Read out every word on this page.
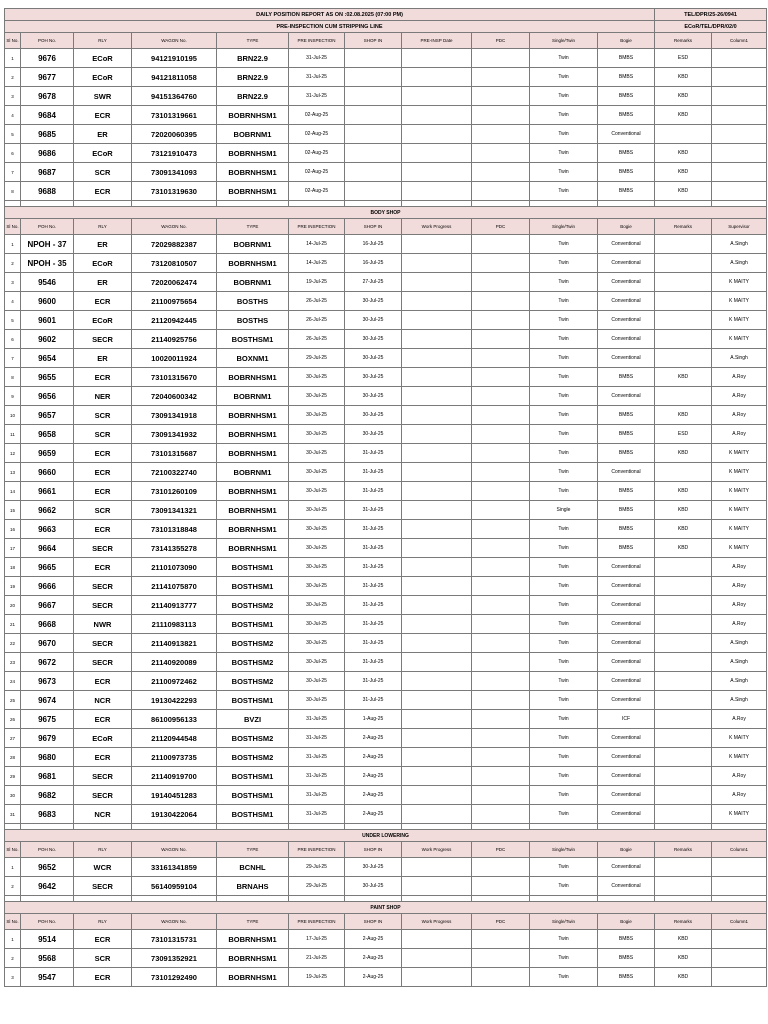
DAILY POSITION REPORT AS ON :02.08.2025 (07:00 PM)											TEL/DPR/25-26/0941	
PRE-INSPECTION CUM STRIPPING LINE											ECoR/TEL/DPR/02/0	
Sl No.	POH No.	RLY	WAGON No.	TYPE	PRE INSPECTION	SHOP IN	PRE-INSP Date	PDC	Single/Twin	Bogie	Remarks	Column1
1	9676	ECoR	94121910195	BRN22.9	31-Jul-25				Twin	BMBS	ESD	
2	9677	ECoR	94121811058	BRN22.9	31-Jul-25				Twin	BMBS	KBD	
3	9678	SWR	94151364760	BRN22.9	31-Jul-25				Twin	BMBS	KBD	
4	9684	ECR	73101319661	BOBRNHSM1	02-Aug-25				Twin	BMBS	KBD	
5	9685	ER	72020060395	BOBRNM1	02-Aug-25				Twin	Conventional		
6	9686	ECoR	73121910473	BOBRNHSM1	02-Aug-25				Twin	BMBS	KBD	
7	9687	SCR	73091341093	BOBRNHSM1	02-Aug-25				Twin	BMBS	KBD	
8	9688	ECR	73101319630	BOBRNHSM1	02-Aug-25				Twin	BMBS	KBD	

BODY SHOP												
Sl No.	POH No.	RLY	WAGON No.	TYPE	PRE INSPECTION	SHOP IN	Work Progress	PDC	Single/Twin	Bogie	Remarks	Supervisor
1	NPOH - 37	ER	72029882387	BOBRNM1	14-Jul-25	16-Jul-25			Twin	Conventional		A.Singh
2	NPOH - 35	ECoR	73120810507	BOBRNHSM1	14-Jul-25	16-Jul-25			Twin	Conventional		A.Singh
3	9546	ER	72020062474	BOBRNM1	19-Jul-25	27-Jul-25			Twin	Conventional		K MAITY
4	9600	ECR	21100975654	BOSTHS	26-Jul-25	30-Jul-25			Twin	Conventional		K MAITY
5	9601	ECoR	21120942445	BOSTHS	26-Jul-25	30-Jul-25			Twin	Conventional		K MAITY
6	9602	SECR	21140925756	BOSTHSM1	26-Jul-25	30-Jul-25			Twin	Conventional		K MAITY
7	9654	ER	10020011924	BOXNM1	29-Jul-25	30-Jul-25			Twin	Conventional		A.Singh
8	9655	ECR	73101315670	BOBRNHSM1	30-Jul-25	30-Jul-25			Twin	BMBS	KBD	A.Roy
9	9656	NER	72040600342	BOBRNM1	30-Jul-25	30-Jul-25			Twin	Conventional		A.Roy
10	9657	SCR	73091341918	BOBRNHSM1	30-Jul-25	30-Jul-25			Twin	BMBS	KBD	A.Roy
11	9658	SCR	73091341932	BOBRNHSM1	30-Jul-25	30-Jul-25			Twin	BMBS	ESD	A.Roy
12	9659	ECR	73101315687	BOBRNHSM1	30-Jul-25	31-Jul-25			Twin	BMBS	KBD	K MAITY
13	9660	ECR	72100322740	BOBRNM1	30-Jul-25	31-Jul-25			Twin	Conventional		K MAITY
14	9661	ECR	73101260109	BOBRNHSM1	30-Jul-25	31-Jul-25			Twin	BMBS	KBD	K MAITY
15	9662	SCR	73091341321	BOBRNHSM1	30-Jul-25	31-Jul-25			Single	BMBS	KBD	K MAITY
16	9663	ECR	73101318848	BOBRNHSM1	30-Jul-25	31-Jul-25			Twin	BMBS	KBD	K MAITY
17	9664	SECR	73141355278	BOBRNHSM1	30-Jul-25	31-Jul-25			Twin	BMBS	KBD	K MAITY
18	9665	ECR	21101073090	BOSTHSM1	30-Jul-25	31-Jul-25			Twin	Conventional		A.Roy
19	9666	SECR	21141075870	BOSTHSM1	30-Jul-25	31-Jul-25			Twin	Conventional		A.Roy
20	9667	SECR	21140913777	BOSTHSM2	30-Jul-25	31-Jul-25			Twin	Conventional		A.Roy
21	9668	NWR	21110983113	BOSTHSM1	30-Jul-25	31-Jul-25			Twin	Conventional		A.Roy
22	9670	SECR	21140913821	BOSTHSM2	30-Jul-25	31-Jul-25			Twin	Conventional		A.Singh
23	9672	SECR	21140920089	BOSTHSM2	30-Jul-25	31-Jul-25			Twin	Conventional		A.Singh
24	9673	ECR	21100972462	BOSTHSM2	30-Jul-25	31-Jul-25			Twin	Conventional		A.Singh
25	9674	NCR	19130422293	BOSTHSM1	30-Jul-25	31-Jul-25			Twin	Conventional		A.Singh
26	9675	ECR	86100956133	BVZI	31-Jul-25	1-Aug-25			Twin	ICF		A.Roy
27	9679	ECoR	21120944548	BOSTHSM2	31-Jul-25	2-Aug-25			Twin	Conventional		K MAITY
28	9680	ECR	21100973735	BOSTHSM2	31-Jul-25	2-Aug-25			Twin	Conventional		K MAITY
29	9681	SECR	21140919700	BOSTHSM1	31-Jul-25	2-Aug-25			Twin	Conventional		A.Roy
30	9682	SECR	19140451283	BOSTHSM1	31-Jul-25	2-Aug-25			Twin	Conventional		A.Roy
31	9683	NCR	19130422064	BOSTHSM1	31-Jul-25	2-Aug-25			Twin	Conventional		K MAITY

UNDER LOWERING												
Sl No.	POH No.	RLY	WAGON No.	TYPE	PRE INSPECTION	SHOP IN	Work Progress	PDC	Single/Twin	Bogie	Remarks	Column1
1	9652	WCR	33161341859	BCNHL	29-Jul-25	30-Jul-25			Twin	Conventional		
2	9642	SECR	56140959104	BRNAHS	29-Jul-25	30-Jul-25			Twin	Conventional		

PAINT SHOP												
Sl No.	POH No.	RLY	WAGON No.	TYPE	PRE INSPECTION	SHOP IN	Work Progress	PDC	Single/Twin	Bogie	Remarks	Column1
1	9514	ECR	73101315731	BOBRNHSM1	17-Jul-25	2-Aug-25			Twin	BMBS	KBD	
2	9568	SCR	73091352921	BOBRNHSM1	21-Jul-25	2-Aug-25			Twin	BMBS	KBD	
3	9547	ECR	73101292490	BOBRNHSM1	19-Jul-25	2-Aug-25			Twin	BMBS	KBD	
